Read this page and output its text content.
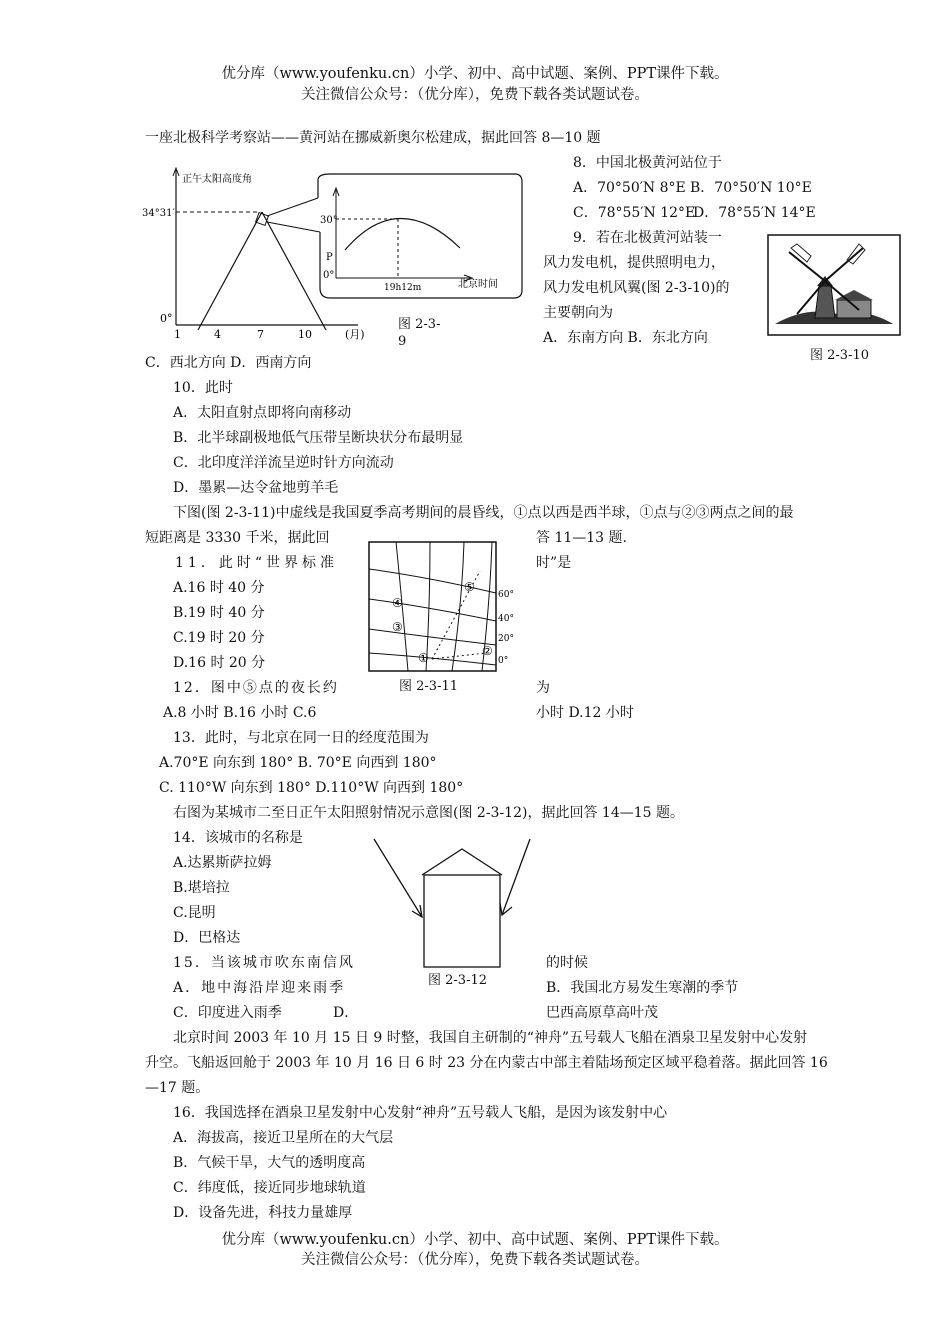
优分库（www.youfenku.cn）小学、初中、高中试题、案例、PPT课件下载。
关注微信公众号：（优分库），免费下载各类试题试卷。
一座北极科学考察站——黄河站在挪威新奥尔松建成，据此回答 8—10 题
正午太阳高度角
34°31′
0°
1	4	7	10	(月)
30°
P
0°
19h12m	北京时间
图 2-3-
9
8．中国北极黄河站位于
A．70°50′N 8°E B．70°50′N 10°E
C．78°55′N 12°E
D．78°55′N 14°E
9．若在北极黄河站装一
风力发电机，提供照明电力，
风力发电机风翼(图 2-3-10)的
主要朝向为
A．东南方向 B．东北方向
C．西北方向 D．西南方向	图 2-3-10
10．此时
A．太阳直射点即将向南移动
B．北半球副极地低气压带呈断块状分布最明显
C．北印度洋洋流呈逆时针方向流动
D．墨累—达令盆地剪羊毛
下图(图 2-3-11)中虚线是我国夏季高考期间的晨昏线，①点以西是西半球，①点与②③两点之间的最
短距离是 3330 千米，据此回	答 11—13 题.
11．此时“世界标准	时”是
A.16 时 40 分
B.19 时 40 分
C.19 时 20 分
D.16 时 20 分	①	②
③
④
⑤
60°
40°
20°
0°
图 2-3-11
12．图中⑤点的夜长约	为
A.8 小时 B.16 小时 C.6	小时 D.12 小时
13．此时，与北京在同一日的经度范围为
A.70°E 向东到 180° B. 70°E 向西到 180°
C. 110°W 向东到 180° D.110°W 向西到 180°
右图为某城市二至日正午太阳照射情况示意图(图 2-3-12)，据此回答 14—15 题。
14．该城市的名称是
A.达累斯萨拉姆
B.堪培拉
C.昆明
D．巴格达
图 2-3-12
15．当该城市吹东南信风	的时候
A．地中海沿岸迎来雨季	B．我国北方易发生寒潮的季节
C．印度进入雨季	D．	巴西高原草高叶茂
北京时间 2003 年 10 月 15 日 9 时整，我国自主研制的“神舟”五号载人飞船在酒泉卫星发射中心发射
升空。飞船返回舱于 2003 年 10 月 16 日 6 时 23 分在内蒙古中部主着陆场预定区域平稳着落。据此回答 16
—17 题。
16．我国选择在酒泉卫星发射中心发射“神舟”五号载人飞船，是因为该发射中心
A．海拔高，接近卫星所在的大气层
B．气候干旱，大气的透明度高
C．纬度低，接近同步地球轨道
D．设备先进，科技力量雄厚
优分库（www.youfenku.cn）小学、初中、高中试题、案例、PPT课件下载。
关注微信公众号：（优分库），免费下载各类试题试卷。
